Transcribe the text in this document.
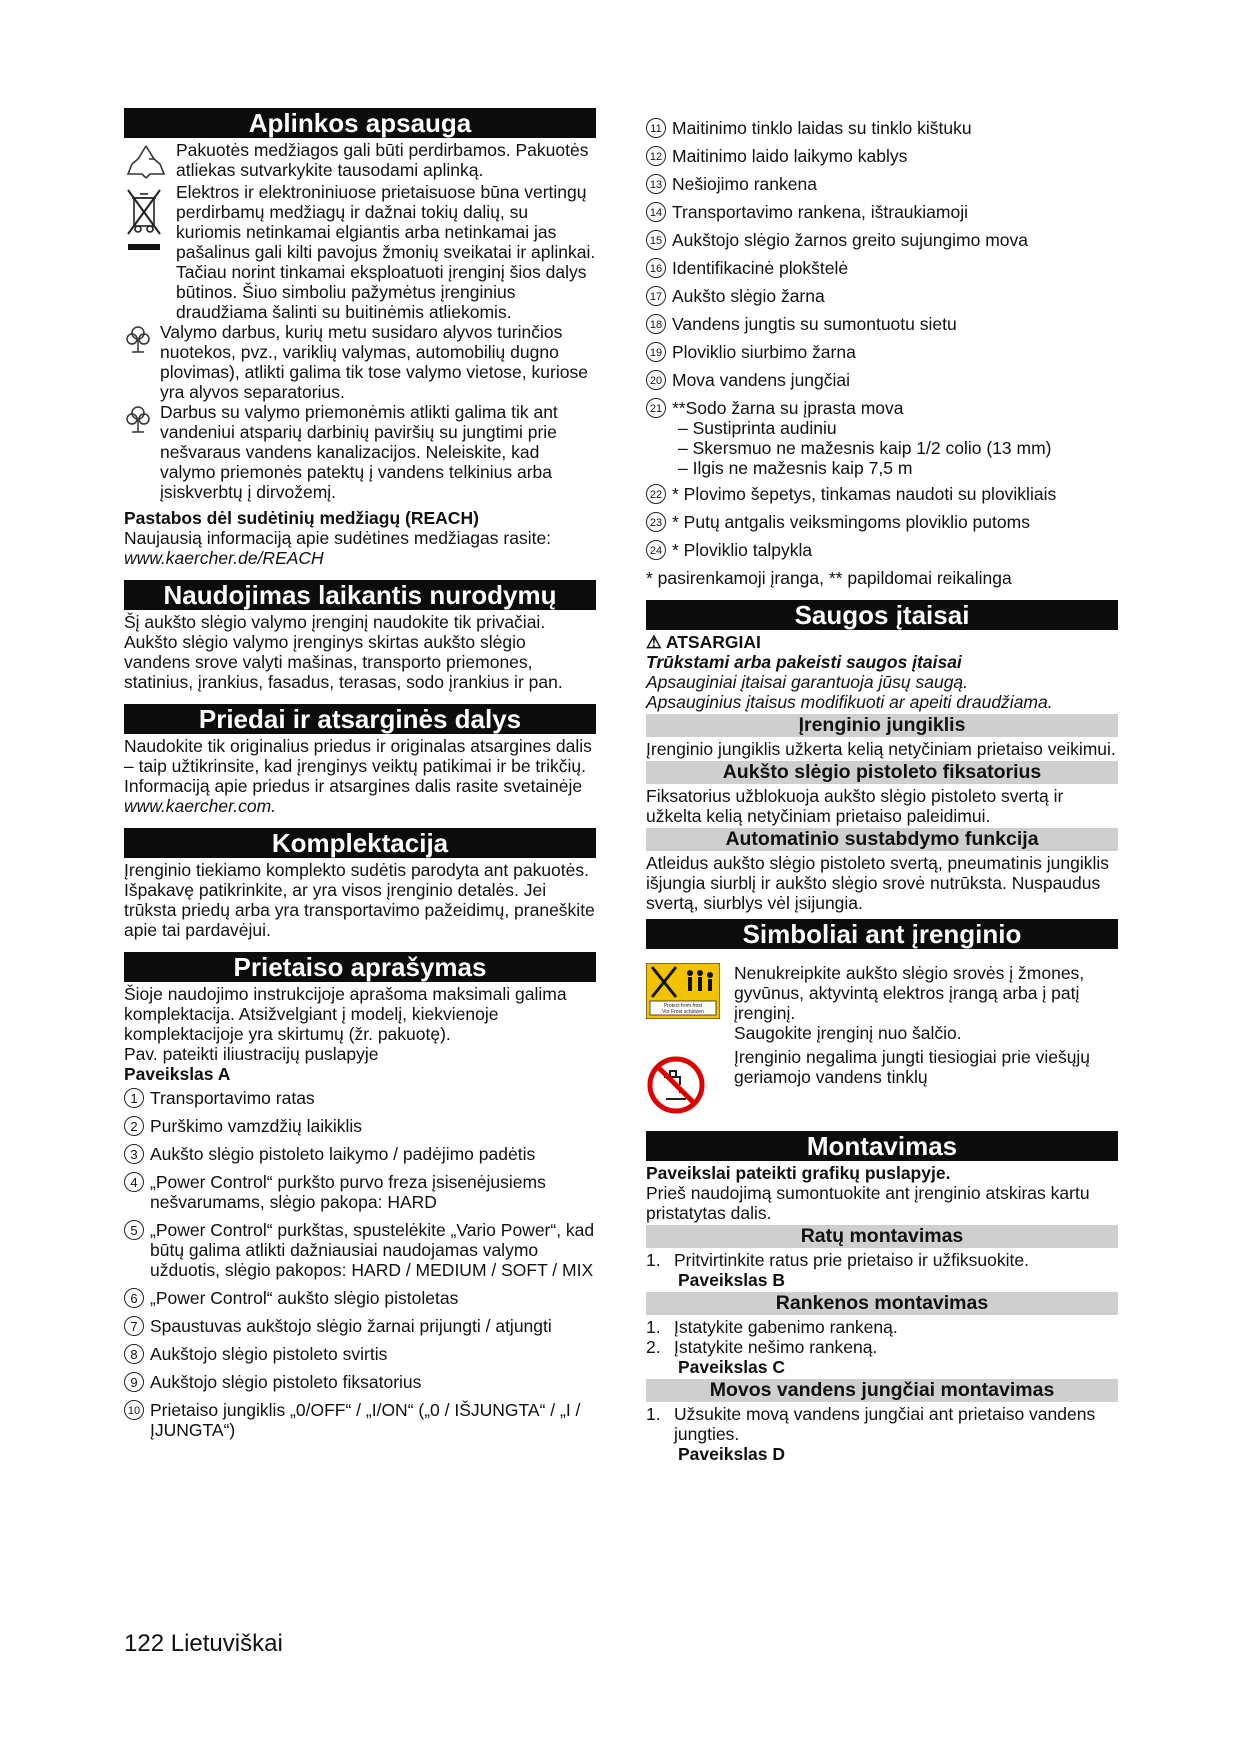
Aplinkos apsauga

Pakuotės medžiagos gali būti perdirbamos. Pakuotės atliekas sutvarkykite tausodami aplinką.

Elektros ir elektroniniuose prietaisuose būna vertingų perdirbamų medžiagų ir dažnai tokių dalių, su kuriomis netinkamai elgiantis arba netinkamai jas pašalinus gali kilti pavojus žmonių sveikatai ir aplinkai. Tačiau norint tinkamai eksploatuoti įrenginį šios dalys būtinos. Šiuo simboliu pažymėtus įrenginius draudžiama šalinti su buitinėmis atliekomis.

Valymo darbus, kurių metu susidaro alyvos turinčios nuotekos, pvz., variklių valymas, automobilių dugno plovimas), atlikti galima tik tose valymo vietose, kuriose yra alyvos separatorius.

Darbus su valymo priemonėmis atlikti galima tik ant vandeniui atsparių darbinių paviršių su jungtimi prie nešvaraus vandens kanalizacijos. Neleiskite, kad valymo priemonės patektų į vandens telkinius arba įsiskverbtų į dirvožemį.

Pastabos dėl sudėtinių medžiagų (REACH)

Naujausią informaciją apie sudėtines medžiagas rasite:

www.kaercher.de/REACH

Naudojimas laikantis nurodymų

Šį aukšto slėgio valymo įrenginį naudokite tik privačiai. Aukšto slėgio valymo įrenginys skirtas aukšto slėgio vandens srove valyti mašinas, transporto priemones, statinius, įrankius, fasadus, terasas, sodo įrankius ir pan.

Priedai ir atsarginės dalys

Naudokite tik originalius priedus ir originalas atsargines dalis – taip užtikrinsite, kad įrenginys veiktų patikimai ir be trikčių.

Informaciją apie priedus ir atsargines dalis rasite svetainėje www.kaercher.com.

Komplektacija

Įrenginio tiekiamo komplekto sudėtis parodyta ant pakuotės. Išpakavę patikrinkite, ar yra visos įrenginio detalės. Jei trūksta priedų arba yra transportavimo pažeidimų, praneškite apie tai pardavėjui.

Prietaiso aprašymas

Šioje naudojimo instrukcijoje aprašoma maksimali galima komplektacija. Atsižvelgiant į modelį, kiekvienoje komplektacijoje yra skirtumų (žr. pakuotę).

Pav. pateikti iliustracijų puslapyje

Paveikslas A

1 Transportavimo ratas
2 Purškimo vamzdžių laikiklis
3 Aukšto slėgio pistoleto laikymo / padėjimo padėtis
4 „Power Control“ purkšto purvo freza įsisenėjusiems nešvarumams, slėgio pakopa: HARD
5 „Power Control“ purkštas, spustelėkite „Vario Power“, kad būtų galima atlikti dažniausiai naudojamas valymo užduotis, slėgio pakopos: HARD / MEDIUM / SOFT / MIX
6 „Power Control“ aukšto slėgio pistoletas
7 Spaustuvas aukštojo slėgio žarnai prijungti / atjungti
8 Aukštojo slėgio pistoleto svirtis
9 Aukštojo slėgio pistoleto fiksatorius
10 Prietaiso jungiklis „0/OFF“ / „I/ON“ („0 / IŠJUNGTA“ / „I / ĮJUNGTA“)
11 Maitinimo tinklo laidas su tinklo kištuku
12 Maitinimo laido laikymo kablys
13 Nešiojimo rankena
14 Transportavimo rankena, ištraukiamoji
15 Aukštojo slėgio žarnos greito sujungimo mova
16 Identifikacinė plokštelė
17 Aukšto slėgio žarna
18 Vandens jungtis su sumontuotu sietu
19 Ploviklio siurbimo žarna
20 Mova vandens jungčiai
21 **Sodo žarna su įprasta mova

– Sustiprinta audiniu

– Skersmuo ne mažesnis kaip 1/2 colio (13 mm)

– Ilgis ne mažesnis kaip 7,5 m

22 * Plovimo šepetys, tinkamas naudoti su plovikliais
23 * Putų antgalis veiksmingoms ploviklio putoms
24 * Ploviklio talpykla

* pasirenkamoji įranga, ** papildomai reikalinga

Saugos įtaisai

⚠ ATSARGIAI

Trūkstami arba pakeisti saugos įtaisai

Apsauginiai įtaisai garantuoja jūsų saugą.

Apsauginius įtaisus modifikuoti ar apeiti draudžiama.

Įrenginio jungiklis

Įrenginio jungiklis užkerta kelią netyčiniam prietaiso veikimui.

Aukšto slėgio pistoleto fiksatorius

Fiksatorius užblokuoja aukšto slėgio pistoleto svertą ir užkelta kelią netyčiniam prietaiso paleidimui.

Automatinio sustabdymo funkcija

Atleidus aukšto slėgio pistoleto svertą, pneumatinis jungiklis išjungia siurblį ir aukšto slėgio srovė nutrūksta. Nuspaudus svertą, siurblys vėl įsijungia.

Simboliai ant įrenginio
Protect from frost
Vor Frost schützen

Nenukreipkite aukšto slėgio srovės į žmones, gyvūnus, aktyvintą elektros įrangą arba į patį įrenginį.

Saugokite įrenginį nuo šalčio.

Įrenginio negalima jungti tiesiogiai prie viešųjų geriamojo vandens tinklų

Montavimas

Paveikslai pateikti grafikų puslapyje.

Prieš naudojimą sumontuokite ant įrenginio atskiras kartu pristatytas dalis.

Ratų montavimas
1. Pritvirtinkite ratus prie prietaiso ir užfiksuokite.

Paveikslas B

Rankenos montavimas
1. Įstatykite gabenimo rankeną.
2. Įstatykite nešimo rankeną.

Paveikslas C

Movos vandens jungčiai montavimas
1. Užsukite movą vandens jungčiai ant prietaiso vandens jungties.

Paveikslas D

122 Lietuviškai
